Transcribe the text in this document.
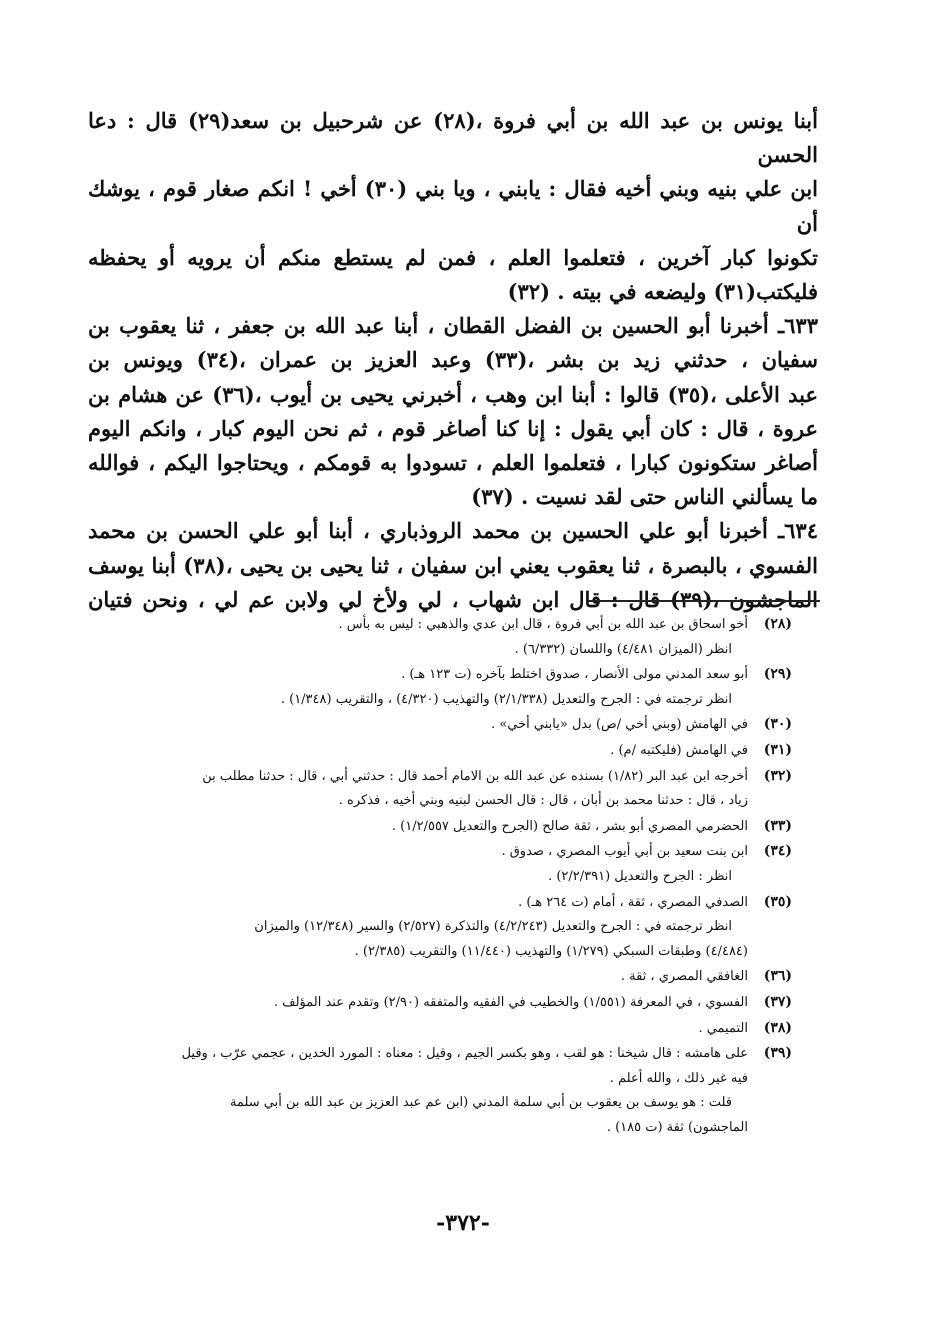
أبنا يونس بن عبد الله بن أبي فروة ،(٢٨) عن شرحبيل بن سعد(٢٩) قال : دعا الحسن

ابن علي بنيه وبني أخيه فقال : يابني ، ويا بني (٣٠) أخي ! انكم صغار قوم ، يوشك أن

تكونوا كبار آخرين ، فتعلموا العلم ، فمن لم يستطع منكم أن يرويه أو يحفظه

فليكتب(٣١) وليضعه في بيته . (٣٢)

٦٣٣ـ أخبرنا أبو الحسين بن الفضل القطان ، أبنا عبد الله بن جعفر ، ثنا يعقوب بن

سفيان ، حدثني زيد بن بشر ،(٣٣) وعبد العزيز بن عمران ،(٣٤) ويونس بن

عبد الأعلى ،(٣٥) قالوا : أبنا ابن وهب ، أخبرني يحيى بن أيوب ،(٣٦) عن هشام بن

عروة ، قال : كان أبي يقول : إنا كنا أصاغر قوم ، ثم نحن اليوم كبار ، وانكم اليوم

أصاغر ستكونون كبارا ، فتعلموا العلم ، تسودوا به قومكم ، ويحتاجوا اليكم ، فوالله

ما يسألني الناس حتى لقد نسيت . (٣٧)

٦٣٤ـ أخبرنا أبو علي الحسين بن محمد الروذباري ، أبنا أبو علي الحسن بن محمد

الفسوي ، بالبصرة ، ثنا يعقوب يعني ابن سفيان ، ثنا يحيى بن يحيى ،(٣٨) أبنا يوسف

الماجشون ،(٣٩) قال : قال ابن شهاب ، لي ولأخ لي ولابن عم لي ، ونحن فتيان

(٢٨)
أخو اسحاق بن عبد الله بن أبي فروة ، قال ابن عدي والذهبي : ليس به بأس .
انظر (الميزان ٤/٤٨١) واللسان (٦/٣٣٢) .
(٢٩)
أبو سعد المدني مولى الأنصار ، صدوق اختلط بآخره (ت ١٢٣ هـ) .
انظر ترجمته في : الجرح والتعديل (٢/١/٣٣٨) والتهذيب (٤/٣٢٠) ، والتقريب (١/٣٤٨) .
(٣٠)
في الهامش (وبني أخي /ص) بدل «يابني أخي» .
(٣١)
في الهامش (فليكتبه /م) .
(٣٢)
أخرجه ابن عبد البر (١/٨٢) بسنده عن عبد الله بن الامام أحمد قال : حدثني أبي ، قال : حدثنا مطلب بن
زياد ، قال : حدثنا محمد بن أبان ، قال : قال الحسن لبنيه وبني أخيه ، فذكره .
(٣٣)
الحضرمي المصري أبو بشر ، ثقة صالح (الجرح والتعديل ١/٢/٥٥٧) .
(٣٤)
ابن بنت سعيد بن أبي أيوب المصري ، صدوق .
انظر : الجرح والتعديل (٢/٢/٣٩١) .
(٣٥)
الصدفي المصري ، ثقة ، أمام (ت ٢٦٤ هـ) .
انظر ترجمته في : الجرح والتعديل (٤/٢/٢٤٣) والتذكرة (٢/٥٢٧) والسير (١٢/٣٤٨) والميزان
(٤/٤٨٤) وطبقات السبكي (١/٢٧٩) والتهذيب (١١/٤٤٠) والتقريب (٢/٣٨٥) .
(٣٦)
الغافقي المصري ، ثقة .
(٣٧)
الفسوي ، في المعرفة (١/٥٥١) والخطيب في الفقيه والمتفقه (٢/٩٠) وتقدم عند المؤلف .
(٣٨)
التميمي .
(٣٩)
على هامشه : قال شيخنا : هو لقب ، وهو بكسر الجيم ، وقيل : معناه : المورد الخدين ، عجمي عرّب ، وقيل
فيه غير ذلك ، والله أعلم .
قلت : هو يوسف بن يعقوب بن أبي سلمة المدني (ابن عم عبد العزيز بن عبد الله بن أبي سلمة
الماجشون) ثقة (ت ١٨٥) .
-٣٧٢-
